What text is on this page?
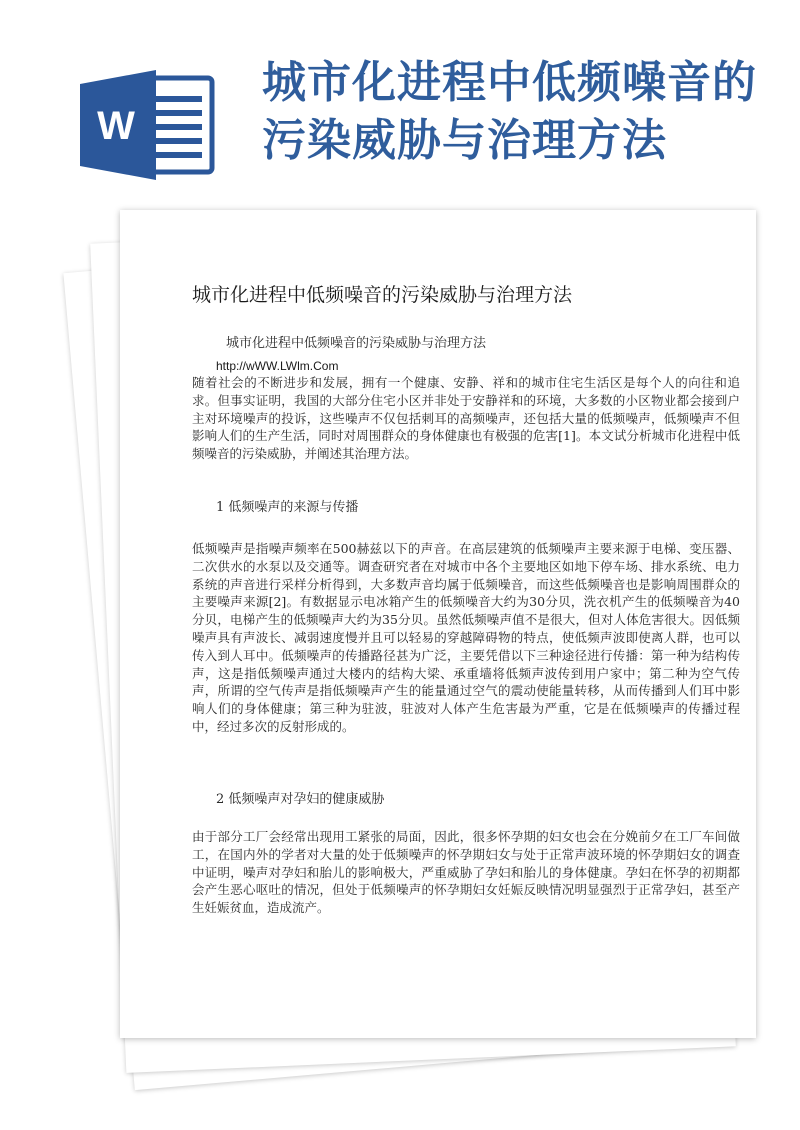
W
城市化进程中低频噪音的污染威胁与治理方法
城市化进程中低频噪音的污染威胁与治理方法
城市化进程中低频噪音的污染威胁与治理方法
http://wWW.LWlm.Com

随着社会的不断进步和发展，拥有一个健康、安静、祥和的城市住宅生活区是每个人的向往和追求。但事实证明，我国的大部分住宅小区并非处于安静祥和的环境，大多数的小区物业都会接到户主对环境噪声的投诉，这些噪声不仅包括刺耳的高频噪声，还包括大量的低频噪声，低频噪声不但影响人们的生产生活，同时对周围群众的身体健康也有极强的危害[1]。本文试分析城市化进程中低频噪音的污染威胁，并阐述其治理方法。

1 低频噪声的来源与传播

低频噪声是指噪声频率在500赫兹以下的声音。在高层建筑的低频噪声主要来源于电梯、变压器、二次供水的水泵以及交通等。调查研究者在对城市中各个主要地区如地下停车场、排水系统、电力系统的声音进行采样分析得到，大多数声音均属于低频噪音，而这些低频噪音也是影响周围群众的主要噪声来源[2]。有数据显示电冰箱产生的低频噪音大约为30分贝，洗衣机产生的低频噪音为40分贝，电梯产生的低频噪声大约为35分贝。虽然低频噪声值不是很大，但对人体危害很大。因低频噪声具有声波长、减弱速度慢并且可以轻易的穿越障碍物的特点，使低频声波即使离人群，也可以传入到人耳中。低频噪声的传播路径甚为广泛，主要凭借以下三种途径进行传播：第一种为结构传声，这是指低频噪声通过大楼内的结构大梁、承重墙将低频声波传到用户家中；第二种为空气传声，所谓的空气传声是指低频噪声产生的能量通过空气的震动使能量转移，从而传播到人们耳中影响人们的身体健康；第三种为驻波，驻波对人体产生危害最为严重，它是在低频噪声的传播过程中，经过多次的反射形成的。

2 低频噪声对孕妇的健康威胁

由于部分工厂会经常出现用工紧张的局面，因此，很多怀孕期的妇女也会在分娩前夕在工厂车间做工，在国内外的学者对大量的处于低频噪声的怀孕期妇女与处于正常声波环境的怀孕期妇女的调查中证明，噪声对孕妇和胎儿的影响极大，严重威胁了孕妇和胎儿的身体健康。孕妇在怀孕的初期都会产生恶心呕吐的情况，但处于低频噪声的怀孕期妇女妊娠反映情况明显强烈于正常孕妇，甚至产生妊娠贫血，造成流产。
